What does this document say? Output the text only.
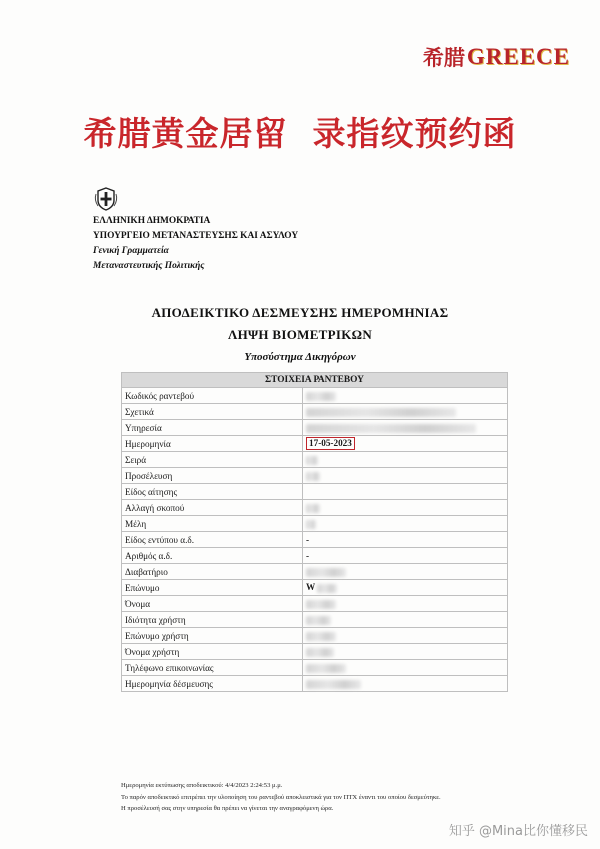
希腊 GREECE
希腊黄金居留  录指纹预约函
ΕΛΛΗΝΙΚΗ ΔΗΜΟΚΡΑΤΙΑ
ΥΠΟΥΡΓΕΙΟ ΜΕΤΑΝΑΣΤΕΥΣΗΣ ΚΑΙ ΑΣΥΛΟΥ
Γενική Γραμματεία
Μεταναστευτικής Πολιτικής
ΑΠΟΔΕΙΚΤΙΚΟ ΔΕΣΜΕΥΣΗΣ ΗΜΕΡΟΜΗΝΙΑΣ
ΛΗΨΗ ΒΙΟΜΕΤΡΙΚΩΝ
Υποσύστημα Δικηγόρων
ΣΤΟΙΧΕΙΑ ΡΑΝΤΕΒΟΥ	
Κωδικός ραντεβού	
Σχετικά	
Υπηρεσία	
Ημερομηνία	17-05-2023
Σειρά	
Προσέλευση	
Είδος αίτησης	
Αλλαγή σκοπού	
Μέλη	
Είδος εντύπου α.δ.	-
Αριθμός α.δ.	-
Διαβατήριο	
Επώνυμο	W
Όνομα	
Ιδιότητα χρήστη	
Επώνυμο χρήστη	
Όνομα χρήστη	
Τηλέφωνο επικοινωνίας	
Ημερομηνία δέσμευσης	
Ημερομηνία εκτύπωσης αποδεικτικού: 4/4/2023 2:24:53 μ.μ.
Το παρόν αποδεικτικό επιτρέπει την υλοποίηση του ραντεβού αποκλειστικά για τον ΠΤΧ έναντι του οποίου δεσμεύτηκε.
Η προσέλευσή σας στην υπηρεσία θα πρέπει να γίνεται την αναγραφόμενη ώρα.
知乎 @Mina比你懂移民
